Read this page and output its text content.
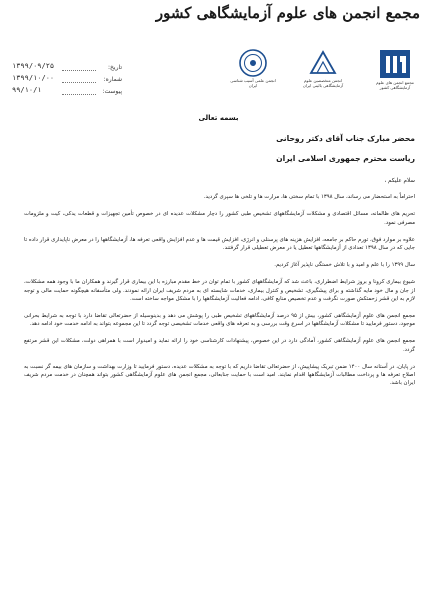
مجمع انجمن های علوم آزمایشگاهی کشور
انجمن علمی آسیب شناسی
ایران
انجمن متخصصین علوم
آزمایشگاهی بالینی ایران
مجمع انجمن های علوم
آزمایشگاهی کشور
تاریخ:
۱۳۹۹/۰۹/۲۵
شماره:
۱۳۹۹/۱۰/۰۰
پیوست:
۹۹/۱۰/۱
بسمه تعالی
محضر مبارک جناب آقای دکتر روحانی
ریاست محترم جمهوری اسلامی ایران
سلام علیکم ،

احتراماً به استحضار می رساند، سال ۱۳۹۸ با تمام سختی ها، مرارت ها و تلخی ها سپری گردید.

تحریم های ظالمانه، مسائل اقتصادی و مشکلات آزمایشگاههای تشخیص طبی کشور را دچار مشکلات عدیده ای در خصوص تأمین تجهیزات و قطعات یدکی، کیت و ملزومات مصرفی نمود.

علاوه بر موارد فوق، تورم حاکم بر جامعه، افزایش هزینه های پرسنلی و انرژی، افزایش قیمت ها و عدم افزایش واقعی تعرفه ها، آزمایشگاهها را در معرض ناپایداری قرار داده تا جایی که در سال ۱۳۹۸ تعدادی از آزمایشگاهها تعطیل یا در معرض تعطیلی قرار گرفتند.

سال ۱۳۹۹ را با علم و امید و با تلاش خستگی ناپذیر آغاز کردیم.

شیوع بیماری کرونا و بروز شرایط اضطراری، باعث شد که آزمایشگاههای کشور با تمام توان در خط مقدم مبارزه با این بیماری قرار گیرند و همکاران ما با وجود همه مشکلات، از جان و مال خود مایه گذاشته و برای پیشگیری، تشخیص و کنترل بیماری، خدمات شایسته ای به مردم شریف ایران ارائه نمودند. ولی متأسفانه هیچگونه حمایت مالی و توجه لازم به این قشر زحمتکش صورت نگرفت و عدم تخصیص منابع کافی، ادامه فعالیت آزمایشگاهها را با مشکل مواجه ساخته است.

مجمع انجمن های علوم آزمایشگاهی کشور، بیش از ۹۵ درصد آزمایشگاههای تشخیص طبی را پوشش می دهد و بدینوسیله از حضرتعالی تقاضا دارد با توجه به شرایط بحرانی موجود، دستور فرمایید تا مشکلات آزمایشگاهها در اسرع وقت بررسی و به تعرفه های واقعی خدمات تشخیصی توجه گردد تا این مجموعه بتواند به ادامه خدمت خود ادامه دهد.

مجمع انجمن های علوم آزمایشگاهی کشور، آمادگی دارد در این خصوص، پیشنهادات کارشناسی خود را ارائه نماید و امیدوار است با همراهی دولت، مشکلات این قشر مرتفع گردد.

در پایان، در آستانه سال ۱۴۰۰ ضمن تبریک پیشاپیش، از حضرتعالی تقاضا داریم که با توجه به مشکلات عدیده، دستور فرمایید تا وزارت بهداشت و سازمان های بیمه گر نسبت به اصلاح تعرفه ها و پرداخت مطالبات آزمایشگاهها اقدام نمایند. امید است با حمایت جنابعالی، مجمع انجمن های علوم آزمایشگاهی کشور بتواند همچنان در خدمت مردم شریف ایران باشد.
